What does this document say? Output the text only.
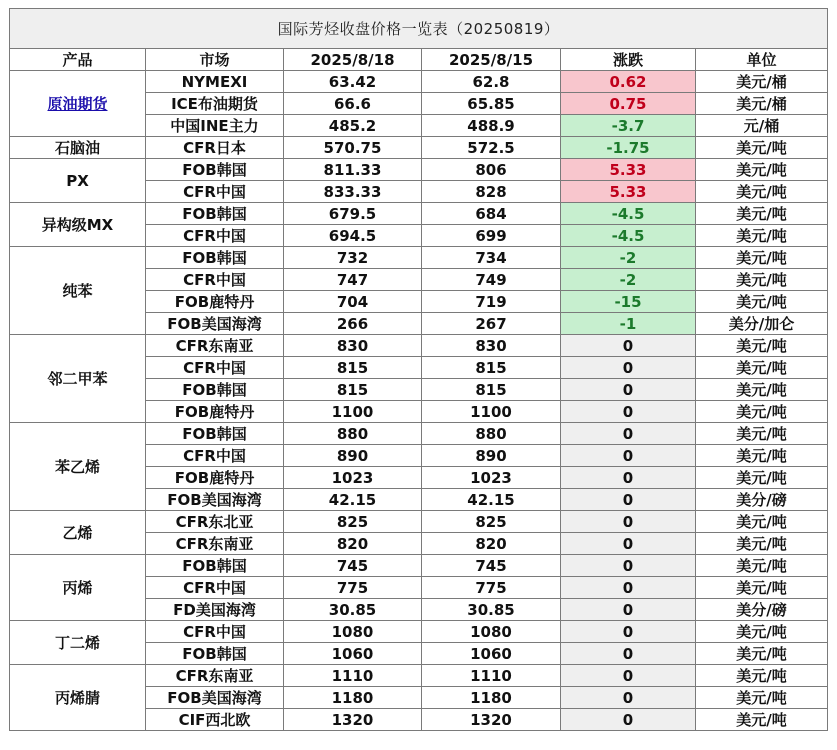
国际芳烃收盘价格一览表（20250819）					
产品	市场	2025/8/18	2025/8/15	涨跌	单位
原油期货	NYMEXI	63.42	62.8	0.62	美元/桶
	ICE布油期货	66.6	65.85	0.75	美元/桶
	中国INE主力	485.2	488.9	-3.7	元/桶
石脑油	CFR日本	570.75	572.5	-1.75	美元/吨
PX	FOB韩国	811.33	806	5.33	美元/吨
	CFR中国	833.33	828	5.33	美元/吨
异构级MX	FOB韩国	679.5	684	-4.5	美元/吨
	CFR中国	694.5	699	-4.5	美元/吨
纯苯	FOB韩国	732	734	-2	美元/吨
	CFR中国	747	749	-2	美元/吨
	FOB鹿特丹	704	719	-15	美元/吨
	FOB美国海湾	266	267	-1	美分/加仑
邻二甲苯	CFR东南亚	830	830	0	美元/吨
	CFR中国	815	815	0	美元/吨
	FOB韩国	815	815	0	美元/吨
	FOB鹿特丹	1100	1100	0	美元/吨
苯乙烯	FOB韩国	880	880	0	美元/吨
	CFR中国	890	890	0	美元/吨
	FOB鹿特丹	1023	1023	0	美元/吨
	FOB美国海湾	42.15	42.15	0	美分/磅
乙烯	CFR东北亚	825	825	0	美元/吨
	CFR东南亚	820	820	0	美元/吨
丙烯	FOB韩国	745	745	0	美元/吨
	CFR中国	775	775	0	美元/吨
	FD美国海湾	30.85	30.85	0	美分/磅
丁二烯	CFR中国	1080	1080	0	美元/吨
	FOB韩国	1060	1060	0	美元/吨
丙烯腈	CFR东南亚	1110	1110	0	美元/吨
	FOB美国海湾	1180	1180	0	美元/吨
	CIF西北欧	1320	1320	0	美元/吨
